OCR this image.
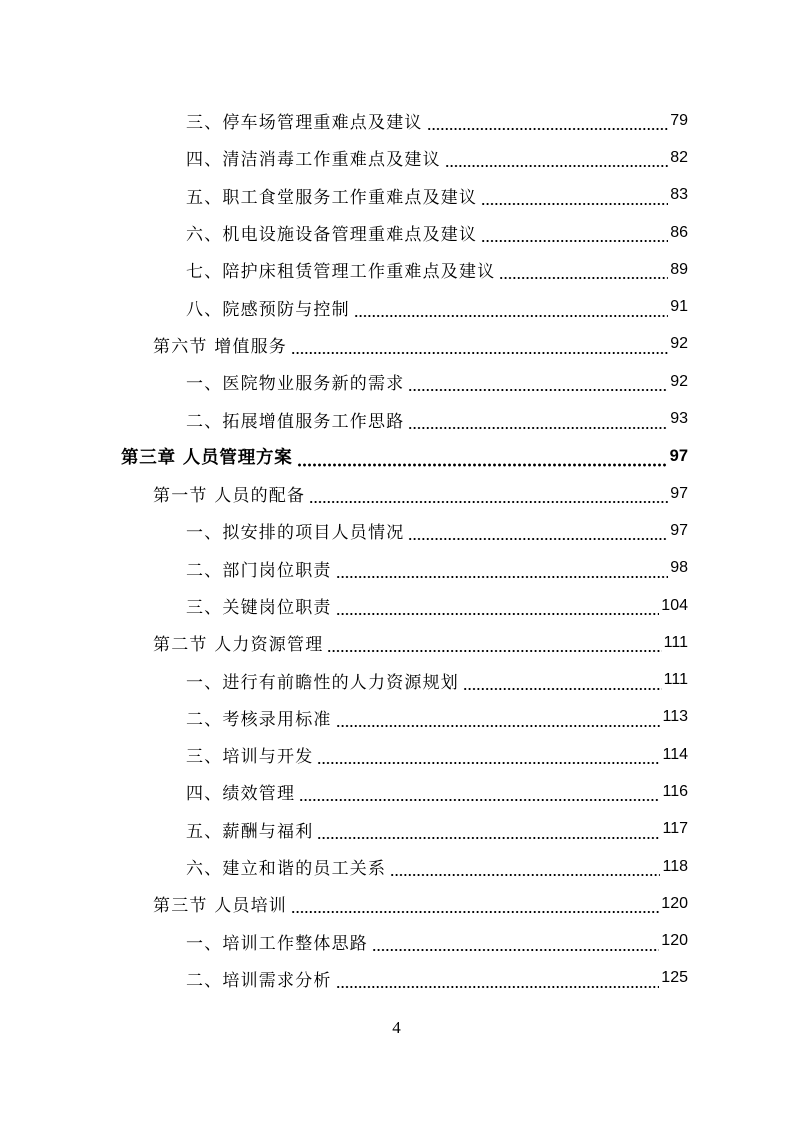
三、停车场管理重难点及建议	79
四、清洁消毒工作重难点及建议	82
五、职工食堂服务工作重难点及建议	83
六、机电设施设备管理重难点及建议	86
七、陪护床租赁管理工作重难点及建议	89
八、院感预防与控制	91
第六节 增值服务	92
一、医院物业服务新的需求	92
二、拓展增值服务工作思路	93
第三章 人员管理方案	97
第一节 人员的配备	97
一、拟安排的项目人员情况	97
二、部门岗位职责	98
三、关键岗位职责	104
第二节 人力资源管理	111
一、进行有前瞻性的人力资源规划	111
二、考核录用标准	113
三、培训与开发	114
四、绩效管理	116
五、薪酬与福利	117
六、建立和谐的员工关系	118
第三节 人员培训	120
一、培训工作整体思路	120
二、培训需求分析	125
4
